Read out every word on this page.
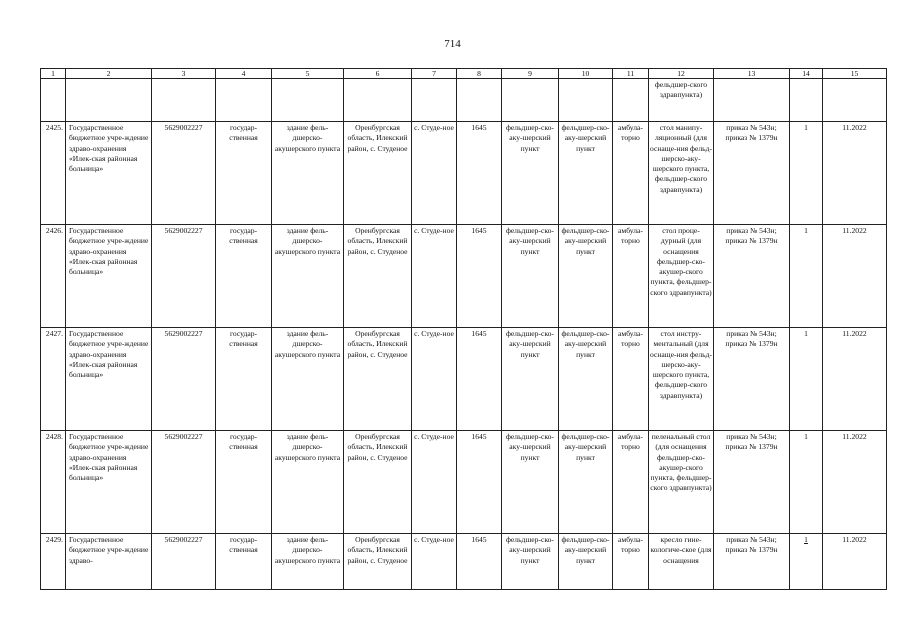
714
1	2	3	4	5	6	7	8	9	10	11	12	13	14	15
											фельдшер-ского здравпункта)			
2425.	Государственное бюджетное учре-ждение здраво-охранения «Илек-ская районная больница»	5629002227	государ-ственная	здание фель-дшерско-акушерского пункта	Оренбургская область, Илекский район, с. Студеное	с. Студе-ное	1645	фельдшер-ско-аку-шерский пункт	фельдшер-ско-аку-шерский пункт	амбула-торно	стол манипу-ляционный (для оснаще-ния фельд-шерско-аку-шерского пункта, фельдшер-ского здравпункта)	приказ № 543н; приказ № 1379н	1	11.2022
2426.	Государственное бюджетное учре-ждение здраво-охранения «Илек-ская районная больница»	5629002227	государ-ственная	здание фель-дшерско-акушерского пункта	Оренбургская область, Илекский район, с. Студеное	с. Студе-ное	1645	фельдшер-ско-аку-шерский пункт	фельдшер-ско-аку-шерский пункт	амбула-торно	стол проце-дурный (для оснащения фельдшер-ско-акушер-ского пункта, фельдшер-ского здравпункта)	приказ № 543н; приказ № 1379н	1	11.2022
2427.	Государственное бюджетное учре-ждение здраво-охранения «Илек-ская районная больница»	5629002227	государ-ственная	здание фель-дшерско-акушерского пункта	Оренбургская область, Илекский район, с. Студеное	с. Студе-ное	1645	фельдшер-ско-аку-шерский пункт	фельдшер-ско-аку-шерский пункт	амбула-торно	стол инстру-ментальный (для оснаще-ния фельд-шерско-аку-шерского пункта, фельдшер-ского здравпункта)	приказ № 543н; приказ № 1379н	1	11.2022
2428.	Государственное бюджетное учре-ждение здраво-охранения «Илек-ская районная больница»	5629002227	государ-ственная	здание фель-дшерско-акушерского пункта	Оренбургская область, Илекский район, с. Студеное	с. Студе-ное	1645	фельдшер-ско-аку-шерский пункт	фельдшер-ско-аку-шерский пункт	амбула-торно	пеленальный стол (для оснащения фельдшер-ско-акушер-ского пункта, фельдшер-ского здравпункта)	приказ № 543н; приказ № 1379н	1	11.2022
2429.	Государственное бюджетное учре-ждение здраво-	5629002227	государ-ственная	здание фель-дшерско-акушерского пункта	Оренбургская область, Илекский район, с. Студеное	с. Студе-ное	1645	фельдшер-ско-аку-шерский пункт	фельдшер-ско-аку-шерский пункт	амбула-торно	кресло гине-кологиче-ское (для оснащения	приказ № 543н; приказ № 1379н	1	11.2022
